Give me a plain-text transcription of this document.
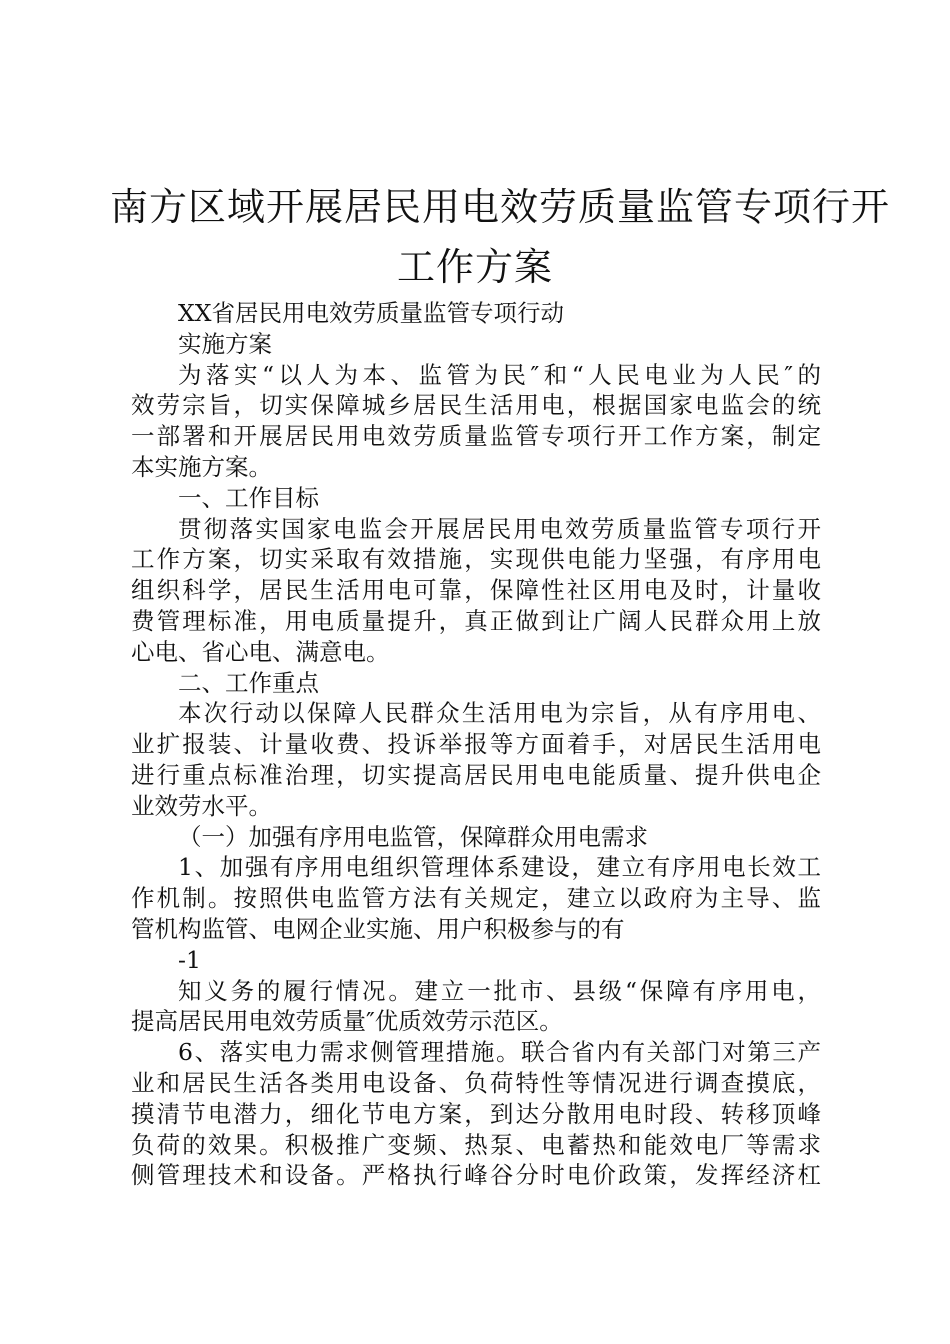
南方区域开展居民用电效劳质量监管专项行开
工作方案
XX省居民用电效劳质量监管专项行动
实施方案
为落实“以人为本、监管为民″和“人民电业为人民″的
效劳宗旨，切实保障城乡居民生活用电，根据国家电监会的统
一部署和开展居民用电效劳质量监管专项行开工作方案，制定
本实施方案。
一、工作目标
贯彻落实国家电监会开展居民用电效劳质量监管专项行开
工作方案，切实采取有效措施，实现供电能力坚强，有序用电
组织科学，居民生活用电可靠，保障性社区用电及时，计量收
费管理标准，用电质量提升，真正做到让广阔人民群众用上放
心电、省心电、满意电。
二、工作重点
本次行动以保障人民群众生活用电为宗旨，从有序用电、
业扩报装、计量收费、投诉举报等方面着手，对居民生活用电
进行重点标准治理，切实提高居民用电电能质量、提升供电企
业效劳水平。
（一）加强有序用电监管，保障群众用电需求
1、加强有序用电组织管理体系建设，建立有序用电长效工
作机制。按照供电监管方法有关规定，建立以政府为主导、监
管机构监管、电网企业实施、用户积极参与的有
-1
知义务的履行情况。建立一批市、县级“保障有序用电，
提高居民用电效劳质量″优质效劳示范区。
6、落实电力需求侧管理措施。联合省内有关部门对第三产
业和居民生活各类用电设备、负荷特性等情况进行调查摸底，
摸清节电潜力，细化节电方案，到达分散用电时段、转移顶峰
负荷的效果。积极推广变频、热泵、电蓄热和能效电厂等需求
侧管理技术和设备。严格执行峰谷分时电价政策，发挥经济杠
